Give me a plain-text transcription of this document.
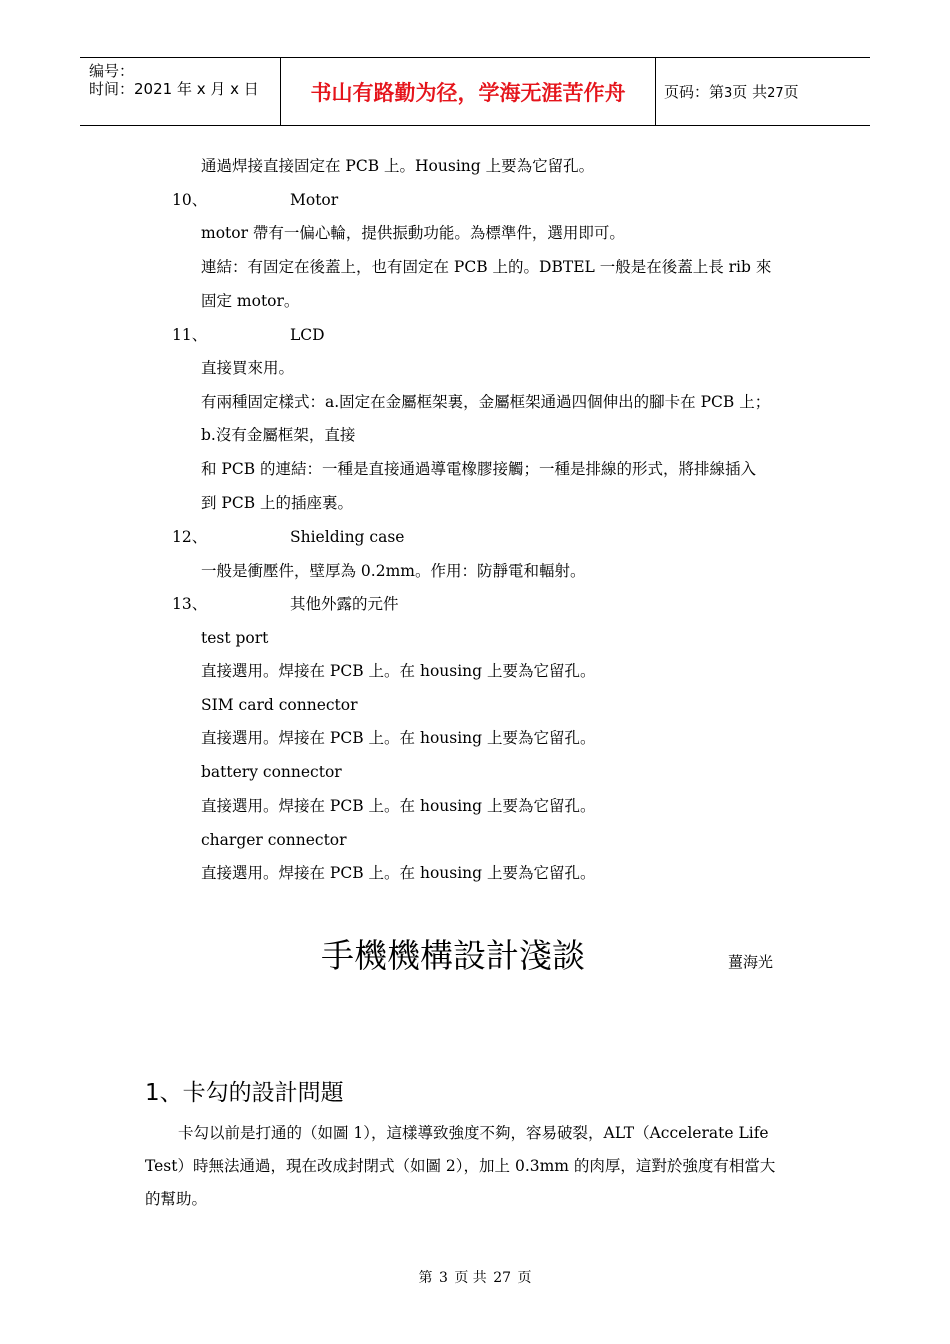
编号：
时间：2021 年 x 月 x 日 书山有路勤为径，学海无涯苦作舟	页码：第3页 共27页
通過焊接直接固定在 PCB 上。Housing 上要為它留孔。
10、	Motor
motor 帶有一偏心輪，提供振動功能。為標準件，選用即可。
連結：有固定在後蓋上，也有固定在 PCB 上的。DBTEL 一般是在後蓋上長 rib 來
固定 motor。
11、	LCD
直接買來用。
有兩種固定樣式：a.固定在金屬框架裏，金屬框架通過四個伸出的腳卡在 PCB 上；
b.沒有金屬框架，直接
和 PCB 的連結：一種是直接通過導電橡膠接觸；一種是排線的形式，將排線插入
到 PCB 上的插座裏。
12、	Shielding case
一般是衝壓件，壁厚為 0.2mm。作用：防靜電和輻射。
13、	其他外露的元件
test port
直接選用。焊接在 PCB 上。在 housing 上要為它留孔。
SIM card connector
直接選用。焊接在 PCB 上。在 housing 上要為它留孔。
battery connector
直接選用。焊接在 PCB 上。在 housing 上要為它留孔。
charger connector
直接選用。焊接在 PCB 上。在 housing 上要為它留孔。
手機機構設計淺談	薑海光
1、卡勾的設計問題
卡勾以前是打通的（如圖 1），這樣導致強度不夠，容易破裂，ALT（Accelerate Life
Test）時無法通過，現在改成封閉式（如圖 2），加上 0.3mm 的肉厚，這對於強度有相當大
的幫助。
第 3 页 共 27 页
